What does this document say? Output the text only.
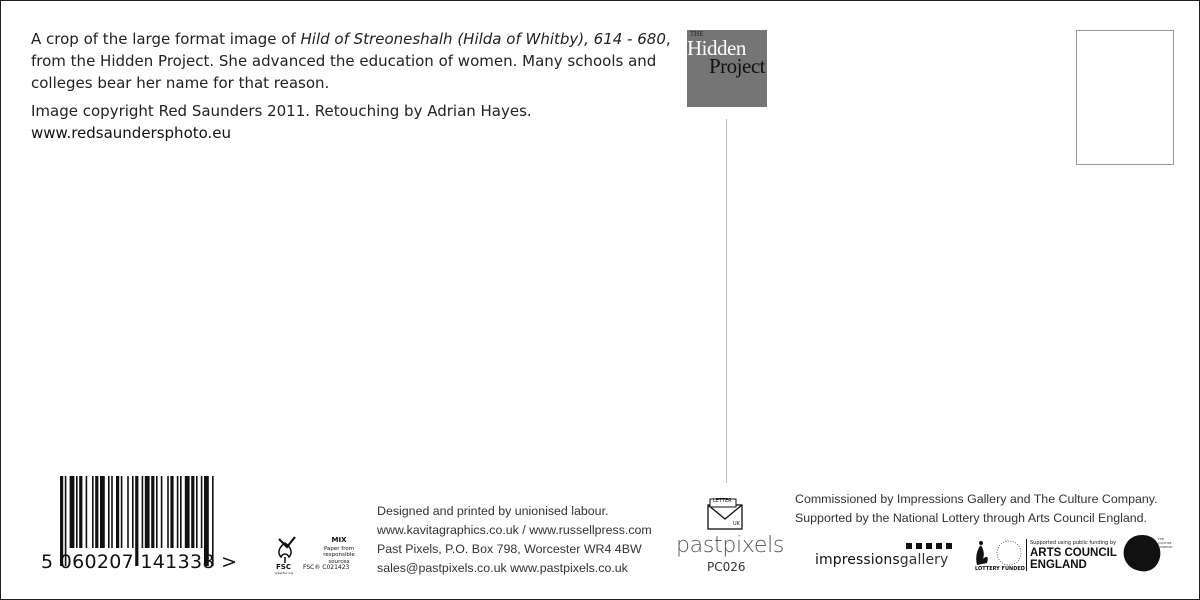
A crop of the large format image of Hild of Streoneshalh (Hilda of Whitby), 614 - 680, from the Hidden Project. She advanced the education of women. Many schools and colleges bear her name for that reason.

Image copyright Red Saunders 2011. Retouching by Adrian Hayes. www.redsaundersphoto.eu

THE
Hidden
Project
5 060207 141338 >	FSC
www.fsc.org
MIX
Paper from responsible sources
FSC® C021423
Designed and printed by unionised labour.
www.kavitagraphics.co.uk / www.russellpress.com
Past Pixels, P.O. Box 798, Worcester WR4 4BW
sales@pastpixels.co.uk www.pastpixels.co.uk
LETTER
UK
pastpixels
PC026
Commissioned by Impressions Gallery and The Culture Company.
Supported by the National Lottery through Arts Council England.
impressionsgallery
LOTTERY FUNDED
Supported using public funding by
ARTS COUNCIL
ENGLAND
THE CULTURE COMPANY
